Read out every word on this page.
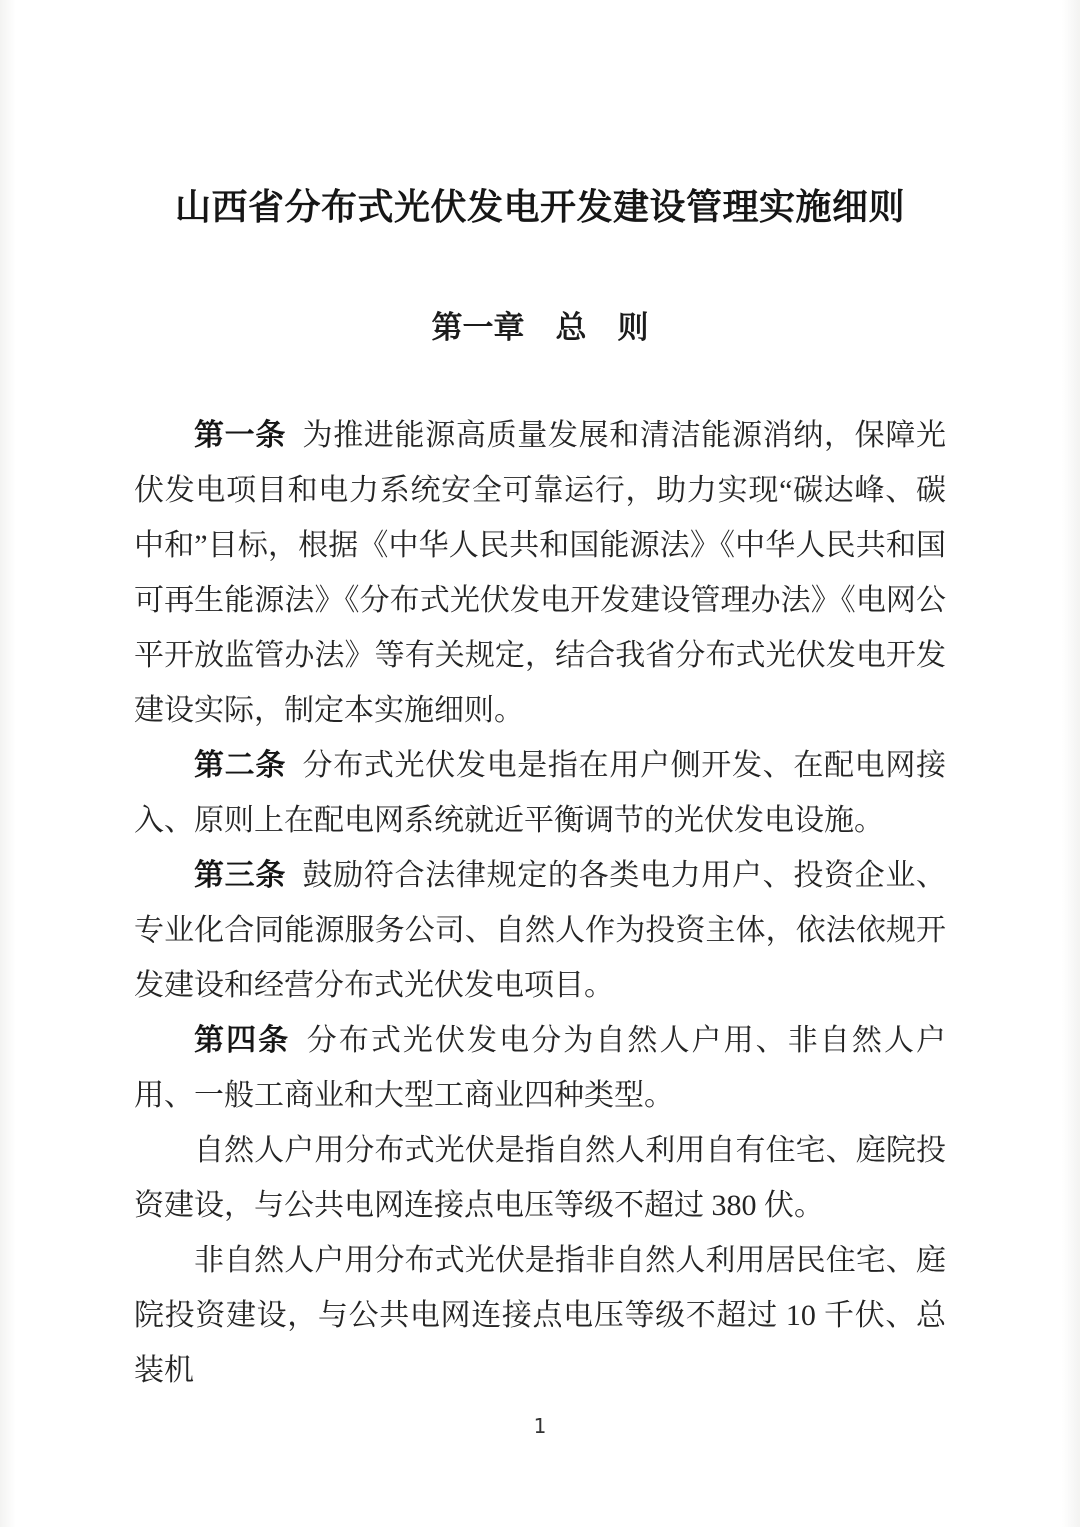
山西省分布式光伏发电开发建设管理实施细则
第一章　总　则

第一条 为推进能源高质量发展和清洁能源消纳，保障光伏发电项目和电力系统安全可靠运行，助力实现“碳达峰、碳中和”目标，根据《中华人民共和国能源法》《中华人民共和国可再生能源法》《分布式光伏发电开发建设管理办法》《电网公平开放监管办法》等有关规定，结合我省分布式光伏发电开发建设实际，制定本实施细则。

第二条 分布式光伏发电是指在用户侧开发、在配电网接入、原则上在配电网系统就近平衡调节的光伏发电设施。

第三条 鼓励符合法律规定的各类电力用户、投资企业、专业化合同能源服务公司、自然人作为投资主体，依法依规开发建设和经营分布式光伏发电项目。

第四条 分布式光伏发电分为自然人户用、非自然人户用、一般工商业和大型工商业四种类型。

自然人户用分布式光伏是指自然人利用自有住宅、庭院投资建设，与公共电网连接点电压等级不超过 380 伏。

非自然人户用分布式光伏是指非自然人利用居民住宅、庭院投资建设，与公共电网连接点电压等级不超过 10 千伏、总装机

1
